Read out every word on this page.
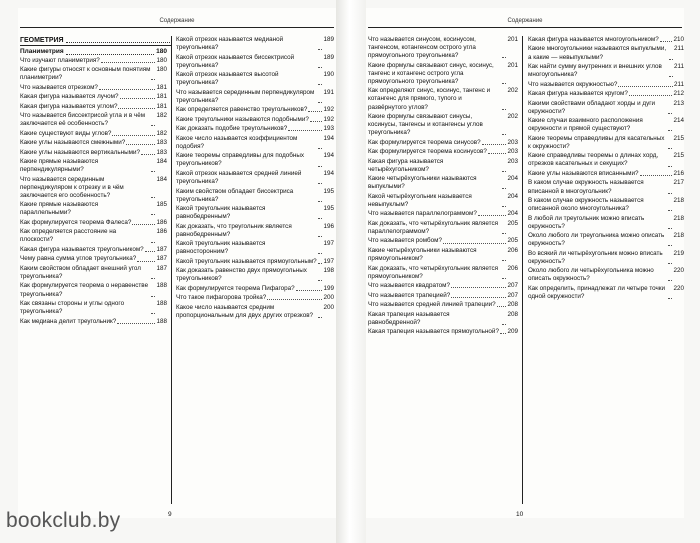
Содержание
ГЕОМЕТРИЯ
Планиметрия	180
Что изучают планиметрия?	180
Какие фигуры относят к основным понятиям планиметрии?
180
Что называется отрезком?	181
Какая фигура называется лучом?	181
Какая фигура называется углом?	181
Что называется биссектрисой угла и в чём заключается её особенность?
182
Какие существуют виды углов?	182
Какие углы называются смежными?	183
Какие углы называются вертикальными?	183
Какие прямые называются перпендикулярными?
184
Что называется серединным перпендикуляром к отрезку и в чём заключается его особенность?
184
Какие прямые называются параллельными?
185
Как формулируется теорема Фалеса?	186
Как определяется расстояние на плоскости?
186
Какая фигура называется треугольником? 187
Чему равна сумма углов треугольника?	187
Каким свойством обладает внешний угол треугольника?
187
Как формулируется теорема о неравенстве треугольника?
188
Как связаны стороны и углы одного треугольника?
188
Как медиана делит треугольник?	188
Какой отрезок называется медианой треугольника?
189
Какой отрезок называется биссектрисой треугольника?
189
Какой отрезок называется высотой треугольника?
190
Что называется серединным перпендикуляром треугольника?
191
Как определяется равенство треугольников?	192
Какие треугольники называются подобными? 192
Как доказать подобие треугольников?	193
Какое число называется коэффициентом подобия?
194
Какие теоремы справедливы для подобных треугольников?
194
Какой отрезок называется средней линией треугольника?
194
Каким свойством обладает биссектриса треугольника?
195
Какой треугольник называется равнобедренным?
195
Как доказать, что треугольник является равнобедренным?
196
Какой треугольник называется равносторонним?
197
Какой треугольник называется прямоугольным? 197
Как доказать равенство двух прямоугольных треугольников?
198
Как формулируется теорема Пифагора?	199
Что такое пифагорова тройка?	200
Какое число называется средним пропорциональным для двух других отрезков?
200
9
Содержание
Что называется синусом, косинусом, тангенсом, котангенсом острого угла прямоугольного треугольника?
201
Какие формулы связывают синус, косинус, тангенс и котангенс острого угла прямоугольного треугольника?
201
Как определяют синус, косинус, тангенс и котангенс для прямого, тупого и развёрнутого углов?
202
Какие формулы связывают синусы, косинусы, тангенсы и котангенсы углов треугольника?
202
Как формулируется теорема синусов?	203
Как формулируется теорема косинусов?	203
Какая фигура называется четырёхугольником?
203
Какие четырёхугольники называются выпуклыми?
204
Какой четырёхугольник называется невыпуклым?
204
Что называется параллелограммом?	204
Как доказать, что четырёхугольник является параллелограммом?
205
Что называется ромбом?	205
Какие четырёхугольники называются прямоугольником?
206
Как доказать, что четырёхугольник является прямоугольником?
206
Что называется квадратом?	207
Что называется трапецией?	207
Что называется средней линией трапеции? 208
Какая трапеция называется равнобедренной?
208
Какая трапеция называется прямоугольной? 209
Какая фигура называется многоугольником? 210
Какие многоугольники называются выпуклыми, а какие — невыпуклыми?
211
Как найти сумму внутренних и внешних углов многоугольника?
211
Что называется окружностью?	211
Какая фигура называется кругом?	212
Какими свойствами обладают хорды и дуги окружности?
213
Какие случаи взаимного расположения окружности и прямой существуют?
214
Какие теоремы справедливы для касательных к окружности?
215
Какие справедливы теоремы о длинах хорд, отрезков касательных и секущих?
215
Какие углы называются вписанными?	216
В каком случае окружность называется вписанной в многоугольник?
217
В каком случае окружность называется описанной около многоугольника?
218
В любой ли треугольник можно вписать окружность?
218
Около любого ли треугольника можно описать окружность?
218
Во всякий ли четырёхугольник можно вписать окружность?
219
Около любого ли четырёхугольника можно описать окружность?
220
Как определить, принадлежат ли четыре точки одной окружности?
220
10
bookclub.by
